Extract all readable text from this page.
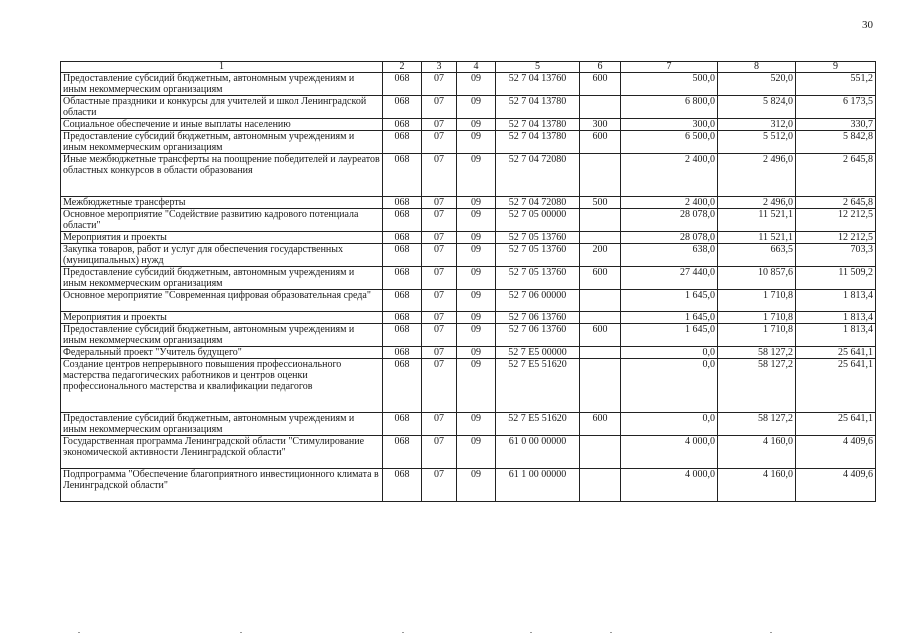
30
1	2	3	4	5	6	7	8	9
Предоставление субсидий бюджетным, автономным учреждениям и иным некоммерческим организациям	068	07	09	52 7 04 13760	600	500,0	520,0	551,2
Областные праздники и конкурсы для учителей и школ Ленинградской области	068	07	09	52 7 04 13780		6 800,0	5 824,0	6 173,5
Социальное обеспечение и иные выплаты населению	068	07	09	52 7 04 13780	300	300,0	312,0	330,7
Предоставление субсидий бюджетным, автономным учреждениям и иным некоммерческим организациям	068	07	09	52 7 04 13780	600	6 500,0	5 512,0	5 842,8
Иные межбюджетные трансферты на поощрение победителей и лауреатов областных конкурсов в области образования	068	07	09	52 7 04 72080		2 400,0	2 496,0	2 645,8
Межбюджетные трансферты	068	07	09	52 7 04 72080	500	2 400,0	2 496,0	2 645,8
Основное мероприятие "Содействие развитию кадрового потенциала области"	068	07	09	52 7 05 00000		28 078,0	11 521,1	12 212,5
Мероприятия и проекты	068	07	09	52 7 05 13760		28 078,0	11 521,1	12 212,5
Закупка товаров, работ и услуг для обеспечения государственных (муниципальных) нужд	068	07	09	52 7 05 13760	200	638,0	663,5	703,3
Предоставление субсидий бюджетным, автономным учреждениям и иным некоммерческим организациям	068	07	09	52 7 05 13760	600	27 440,0	10 857,6	11 509,2
Основное мероприятие "Современная цифровая образовательная среда"	068	07	09	52 7 06 00000		1 645,0	1 710,8	1 813,4
Мероприятия и проекты	068	07	09	52 7 06 13760		1 645,0	1 710,8	1 813,4
Предоставление субсидий бюджетным, автономным учреждениям и иным некоммерческим организациям	068	07	09	52 7 06 13760	600	1 645,0	1 710,8	1 813,4
Федеральный проект "Учитель будущего"	068	07	09	52 7 E5 00000		0,0	58 127,2	25 641,1
Создание центров непрерывного повышения профессионального мастерства педагогических работников и центров оценки профессионального мастерства и квалификации педагогов	068	07	09	52 7 E5 51620		0,0	58 127,2	25 641,1
Предоставление субсидий бюджетным, автономным учреждениям и иным некоммерческим организациям	068	07	09	52 7 E5 51620	600	0,0	58 127,2	25 641,1
Государственная программа Ленинградской области "Стимулирование экономической активности Ленинградской области"	068	07	09	61 0 00 00000		4 000,0	4 160,0	4 409,6
Подпрограмма "Обеспечение благоприятного инвестиционного климата в Ленинградской области"	068	07	09	61 1 00 00000		4 000,0	4 160,0	4 409,6
